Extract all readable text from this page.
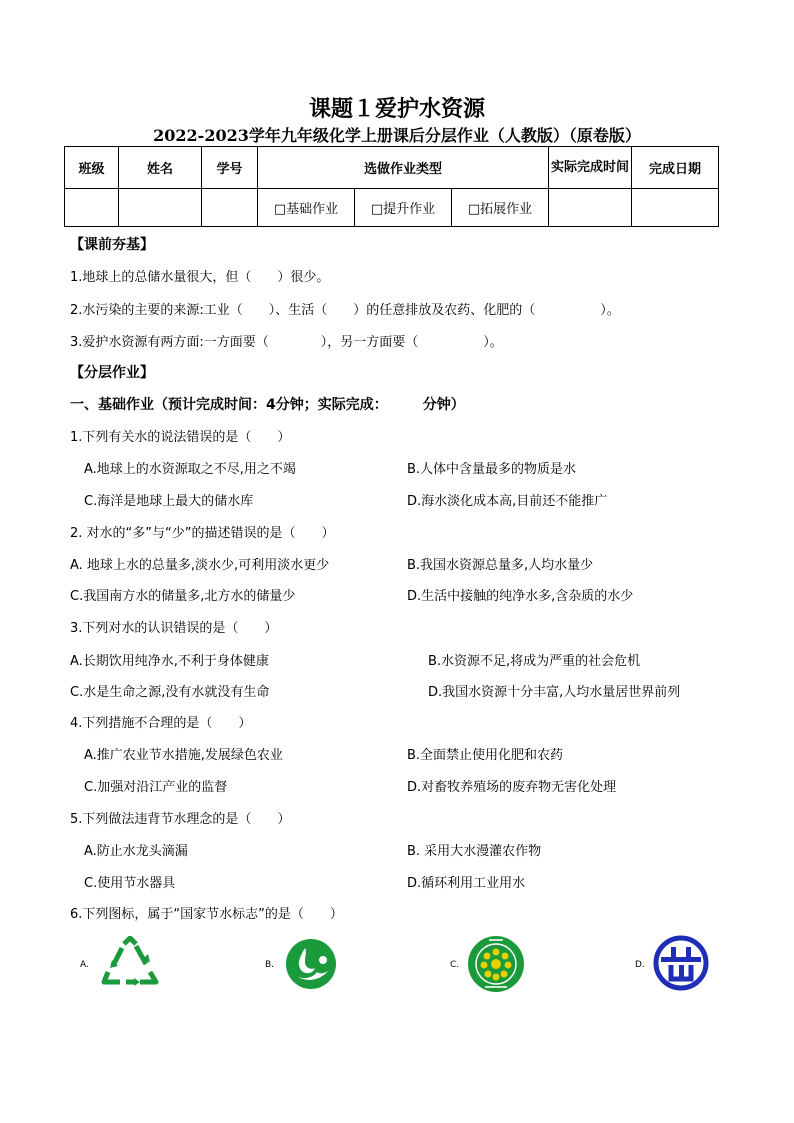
课题１爱护水资源
2022-2023学年九年级化学上册课后分层作业（人教版）（原卷版）
班级	姓名	学号	选做作业类型			实际完成时间	完成日期
			□基础作业	□提升作业	□拓展作业		
【课前夯基】
1.地球上的总储水量很大，但（　　）很少。
2.水污染的主要的来源:工业（　　）、生活（　　）的任意排放及农药、化肥的（　　　　　）。
3.爱护水资源有两方面:一方面要（　　　　），另一方面要（　　　　　）。
【分层作业】
一、基础作业（预计完成时间：4分钟；实际完成：　　　分钟）
1.下列有关水的说法错误的是（　　）
A.地球上的水资源取之不尽,用之不竭	B.人体中含量最多的物质是水
C.海洋是地球上最大的储水库	D.海水淡化成本高,目前还不能推广
2. 对水的“多”与“少”的描述错误的是（　　）
A. 地球上水的总量多,淡水少,可利用淡水更少	B.我国水资源总量多,人均水量少
C.我国南方水的储量多,北方水的储量少	D.生活中接触的纯净水多,含杂质的水少
3.下列对水的认识错误的是（　　）
A.长期饮用纯净水,不利于身体健康	B.水资源不足,将成为严重的社会危机
C.水是生命之源,没有水就没有生命	D.我国水资源十分丰富,人均水量居世界前列
4.下列措施不合理的是（　　）
A.推广农业节水措施,发展绿色农业	B.全面禁止使用化肥和农药
C.加强对沿江产业的监督	D.对畜牧养殖场的废弃物无害化处理
5.下列做法违背节水理念的是（　　）
A.防止水龙头滴漏	B. 采用大水漫灌农作物
C.使用节水器具	D.循环利用工业用水
6.下列图标，属于“国家节水标志”的是（　　）
A.	B.	C.	D.
